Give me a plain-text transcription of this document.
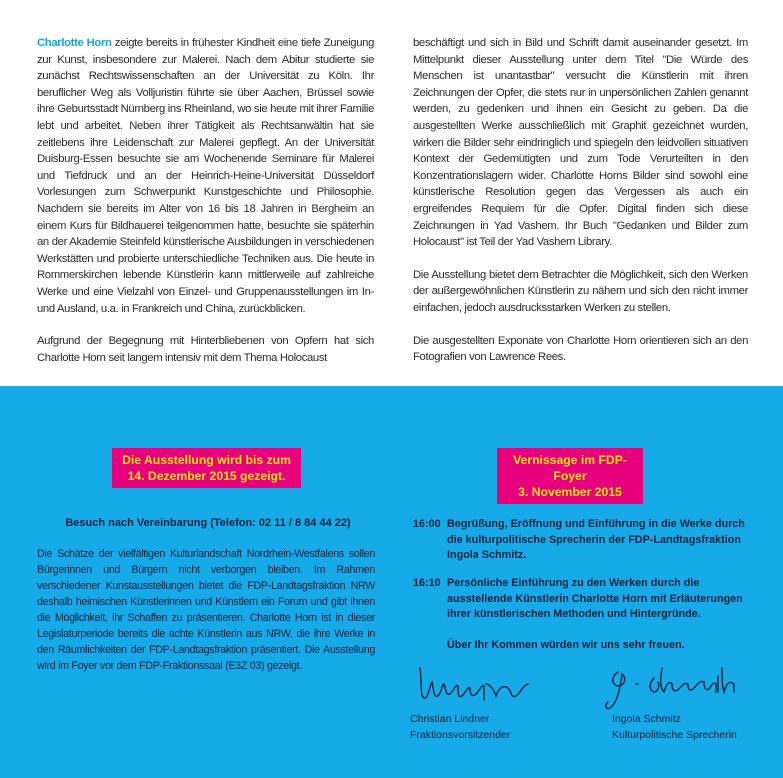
Charlotte Horn zeigte bereits in frühester Kindheit eine tiefe Zuneigung zur Kunst, insbesondere zur Malerei. Nach dem Abitur studierte sie zunächst Rechtswissenschaften an der Universität zu Köln. Ihr beruflicher Weg als Volljuristin führte sie über Aachen, Brüssel sowie ihre Geburtsstadt Nürnberg ins Rheinland, wo sie heute mit ihrer Familie lebt und arbeitet. Neben ihrer Tätigkeit als Rechtsanwältin hat sie zeitlebens ihre Leidenschaft zur Malerei gepflegt. An der Universität Duisburg-Essen besuchte sie am Wochenende Seminare für Malerei und Tiefdruck und an der Heinrich-Heine-Universität Düsseldorf Vorlesungen zum Schwerpunkt Kunstgeschichte und Philosophie. Nachdem sie bereits im Alter von 16 bis 18 Jahren in Bergheim an einem Kurs für Bildhauerei teilgenommen hatte, besuchte sie späterhin an der Akademie Steinfeld künstlerische Ausbildungen in verschiedenen Werkstätten und probierte unterschiedliche Techniken aus. Die heute in Rommerskirchen lebende Künstlerin kann mittlerweile auf zahlreiche Werke und eine Vielzahl von Einzel- und Gruppenausstellungen im In- und Ausland, u.a. in Frankreich und China, zurückblicken.

Aufgrund der Begegnung mit Hinterbliebenen von Opfern hat sich Charlotte Horn seit langem intensiv mit dem Thema Holocaust

beschäftigt und sich in Bild und Schrift damit auseinander gesetzt. Im Mittelpunkt dieser Ausstellung unter dem Titel "Die Würde des Menschen ist unantastbar" versucht die Künstlerin mit ihren Zeichnungen der Opfer, die stets nur in unpersönlichen Zahlen genannt werden, zu gedenken und ihnen ein Gesicht zu geben. Da die ausgestellten Werke ausschließlich mit Graphit gezeichnet wurden, wirken die Bilder sehr eindringlich und spiegeln den leidvollen situativen Kontext der Gedemütigten und zum Tode Verurteilten in den Konzentrationslagern wider. Charlotte Horns Bilder sind sowohl eine künstlerische Resolution gegen das Vergessen als auch ein ergreifendes Requiem für die Opfer. Digital finden sich diese Zeichnungen in Yad Vashem. Ihr Buch "Gedanken und Bilder zum Holocaust" ist Teil der Yad Vashem Library.

Die Ausstellung bietet dem Betrachter die Möglichkeit, sich den Werken der außergewöhnlichen Künstlerin zu nähern und sich den nicht immer einfachen, jedoch ausdrucksstarken Werken zu stellen.

Die ausgestellten Exponate von Charlotte Horn orientieren sich an den Fotografien von Lawrence Rees.

Die Ausstellung wird bis zum
14. Dezember 2015 gezeigt.
Vernissage im FDP-Foyer
3. November 2015
Besuch nach Vereinbarung (Telefon: 02 11 / 8 84 44 22)
Die Schätze der vielfältigen Kulturlandschaft Nordrhein-Westfalens sollen Bürgerinnen und Bürgern nicht verborgen bleiben. Im Rahmen verschiedener Kunstausstellungen bietet die FDP-Landtagsfraktion NRW deshalb heimischen Künstlerinnen und Künstlern ein Forum und gibt ihnen die Möglichkeit, ihr Schaffen zu präsentieren. Charlotte Horn ist in dieser Legislaturperiode bereits die achte Künstlerin aus NRW, die ihre Werke in den Räumlichkeiten der FDP-Landtagsfraktion präsentiert. Die Ausstellung wird im Foyer vor dem FDP-Fraktionssaal (E3Z 03) gezeigt.
16:00 Begrüßung, Eröffnung und Einführung in die Werke durch die kulturpolitische Sprecherin der FDP-Landtagsfraktion Ingola Schmitz.
16:10 Persönliche Einführung zu den Werken durch die ausstellende Künstlerin Charlotte Horn mit Erläuterungen ihrer künstlerischen Methoden und Hintergründe.
Über Ihr Kommen würden wir uns sehr freuen.
Christian Lindner
Fraktionsvorsitzender
Ingola Schmitz
Kulturpolitische Sprecherin
